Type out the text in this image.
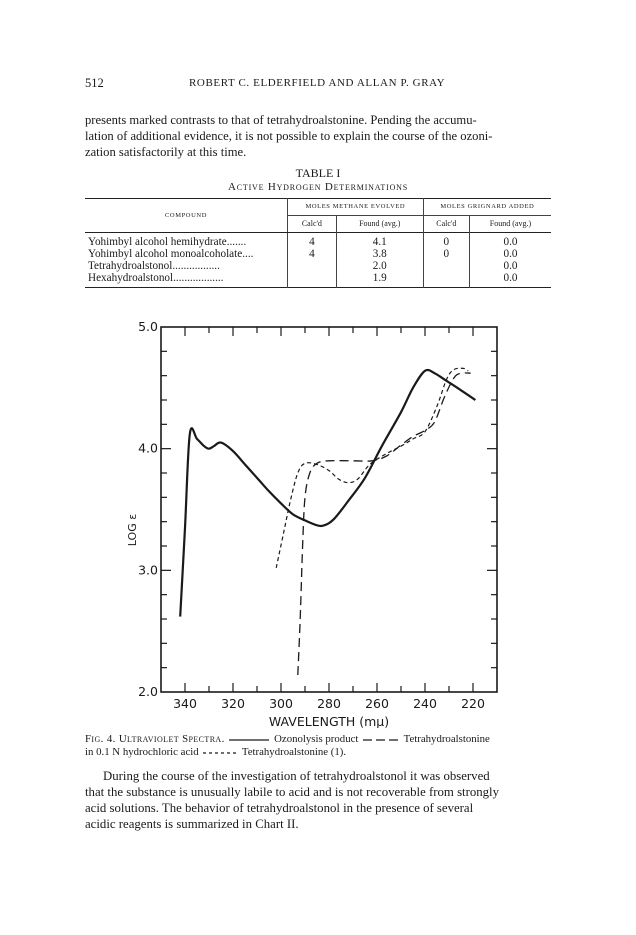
512	ROBERT C. ELDERFIELD AND ALLAN P. GRAY
presents marked contrasts to that of tetrahydroalstonine. Pending the accumu-
lation of additional evidence, it is not possible to explain the course of the ozoni-
zation satisfactorily at this time.
TABLE I
Active Hydrogen Determinations
COMPOUND	MOLES METHANE EVOLVED		MOLES GRIGNARD ADDED	
	Calc'd	Found (avg.)	Calc'd	Found (avg.)
Yohimbyl alcohol hemihydrate.......	4	4.1	0	0.0
Yohimbyl alcohol monoalcoholate....	4	3.8	0	0.0
Tetrahydroalstonol.................		2.0		0.0
Hexahydroalstonol..................		1.9		0.0
340 320 300 280 260 240 220
2.0
3.0
4.0
5.0
WAVELENGTH (mμ)
LOG ε
Fig. 4. Ultraviolet Spectra.	Ozonolysis product	Tetrahydroalstonine
in 0.1 N hydrochloric acid	Tetrahydroalstonine (1).
During the course of the investigation of tetrahydroalstonol it was observed
that the substance is unusually labile to acid and is not recoverable from strongly
acid solutions. The behavior of tetrahydroalstonol in the presence of several
acidic reagents is summarized in Chart II.
